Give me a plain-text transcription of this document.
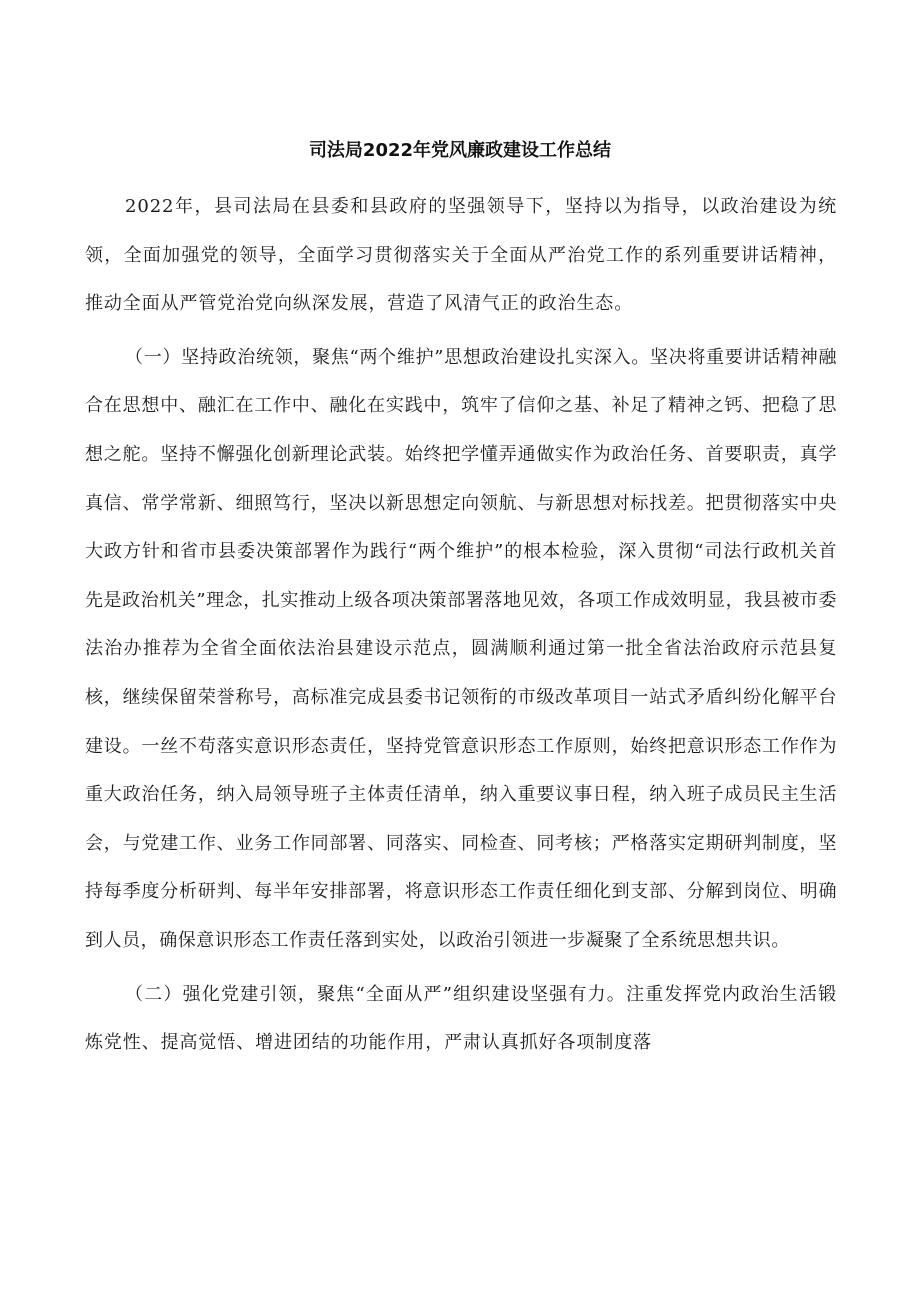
司法局2022年党风廉政建设工作总结

2022年，县司法局在县委和县政府的坚强领导下，坚持以为指导，以政治建设为统领，全面加强党的领导，全面学习贯彻落实关于全面从严治党工作的系列重要讲话精神，推动全面从严管党治党向纵深发展，营造了风清气正的政治生态。

（一）坚持政治统领，聚焦“两个维护”思想政治建设扎实深入。坚决将重要讲话精神融合在思想中、融汇在工作中、融化在实践中，筑牢了信仰之基、补足了精神之钙、把稳了思想之舵。坚持不懈强化创新理论武装。始终把学懂弄通做实作为政治任务、首要职责，真学真信、常学常新、细照笃行，坚决以新思想定向领航、与新思想对标找差。把贯彻落实中央大政方针和省市县委决策部署作为践行“两个维护”的根本检验，深入贯彻“司法行政机关首先是政治机关”理念，扎实推动上级各项决策部署落地见效，各项工作成效明显，我县被市委法治办推荐为全省全面依法治县建设示范点，圆满顺利通过第一批全省法治政府示范县复核，继续保留荣誉称号，高标准完成县委书记领衔的市级改革项目一站式矛盾纠纷化解平台建设。一丝不苟落实意识形态责任，坚持党管意识形态工作原则，始终把意识形态工作作为重大政治任务，纳入局领导班子主体责任清单，纳入重要议事日程，纳入班子成员民主生活会，与党建工作、业务工作同部署、同落实、同检查、同考核；严格落实定期研判制度，坚持每季度分析研判、每半年安排部署，将意识形态工作责任细化到支部、分解到岗位、明确到人员，确保意识形态工作责任落到实处，以政治引领进一步凝聚了全系统思想共识。

（二）强化党建引领，聚焦“全面从严”组织建设坚强有力。注重发挥党内政治生活锻炼党性、提高觉悟、增进团结的功能作用，严肃认真抓好各项制度落
